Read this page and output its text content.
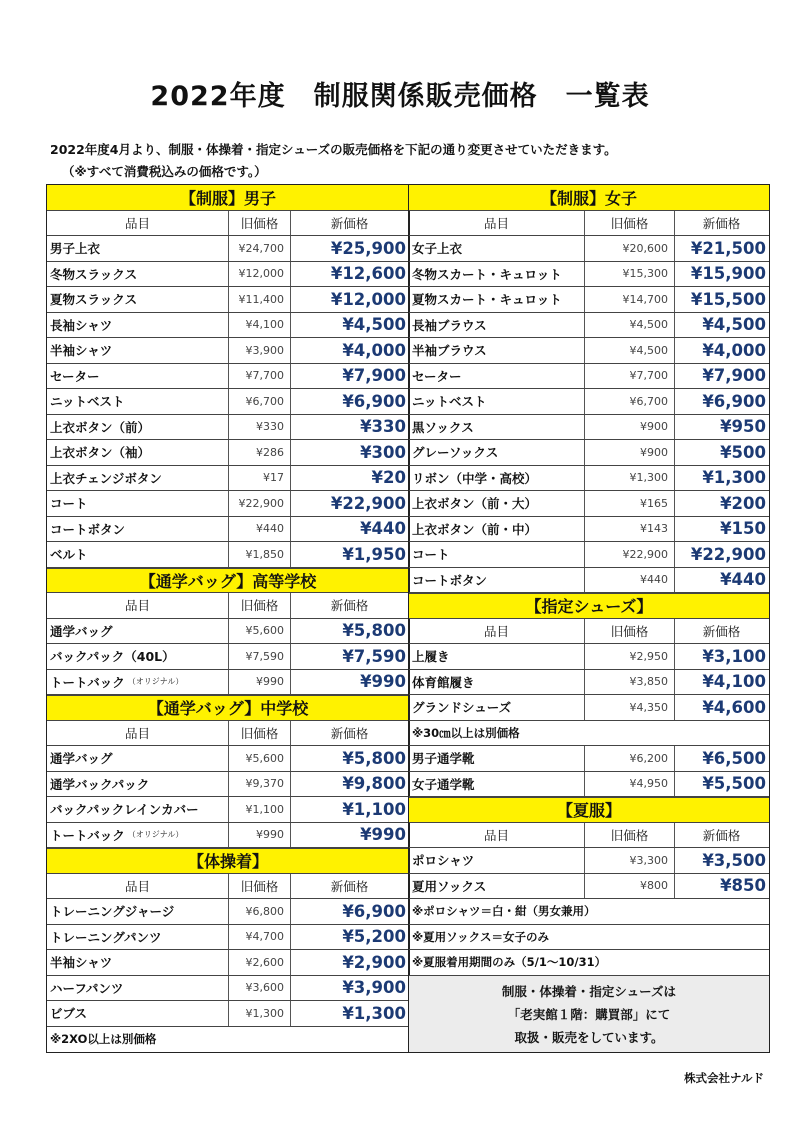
2022年度　制服関係販売価格　一覧表
2022年度4月より、制服・体操着・指定シューズの販売価格を下記の通り変更させていただきます。
（※すべて消費税込みの価格です。）
【制服】男子
品目	旧価格	新価格
男子上衣	¥24,700	¥25,900
冬物スラックス	¥12,000	¥12,600
夏物スラックス	¥11,400	¥12,000
長袖シャツ	¥4,100	¥4,500
半袖シャツ	¥3,900	¥4,000
セーター	¥7,700	¥7,900
ニットベスト	¥6,700	¥6,900
上衣ボタン（前）	¥330	¥330
上衣ボタン（袖）	¥286	¥300
上衣チェンジボタン	¥17	¥20
コート	¥22,900	¥22,900
コートボタン	¥440	¥440
ベルト	¥1,850	¥1,950
【通学バッグ】高等学校
品目	旧価格	新価格
通学バッグ	¥5,600	¥5,800
バックパック（40L）	¥7,590	¥7,590
トートバック （オリジナル）	¥990	¥990
【通学バッグ】中学校
品目	旧価格	新価格
通学バッグ	¥5,600	¥5,800
通学バックパック	¥9,370	¥9,800
バックパックレインカバー	¥1,100	¥1,100
トートバック （オリジナル）	¥990	¥990
【体操着】
品目	旧価格	新価格
トレーニングジャージ	¥6,800	¥6,900
トレーニングパンツ	¥4,700	¥5,200
半袖シャツ	¥2,600	¥2,900
ハーフパンツ	¥3,600	¥3,900
ビブス	¥1,300	¥1,300
※2XO以上は別価格
【制服】女子
品目	旧価格	新価格
女子上衣	¥20,600	¥21,500
冬物スカート・キュロット	¥15,300	¥15,900
夏物スカート・キュロット	¥14,700	¥15,500
長袖ブラウス	¥4,500	¥4,500
半袖ブラウス	¥4,500	¥4,000
セーター	¥7,700	¥7,900
ニットベスト	¥6,700	¥6,900
黒ソックス	¥900	¥950
グレーソックス	¥900	¥500
リボン（中学・高校）	¥1,300	¥1,300
上衣ボタン（前・大）	¥165	¥200
上衣ボタン（前・中）	¥143	¥150
コート	¥22,900	¥22,900
コートボタン	¥440	¥440
【指定シューズ】
品目	旧価格	新価格
上履き	¥2,950	¥3,100
体育館履き	¥3,850	¥4,100
グランドシューズ	¥4,350	¥4,600
※30㎝以上は別価格
男子通学靴	¥6,200	¥6,500
女子通学靴	¥4,950	¥5,500
【夏服】
品目	旧価格	新価格
ポロシャツ	¥3,300	¥3,500
夏用ソックス	¥800	¥850
※ポロシャツ＝白・紺（男女兼用）
※夏用ソックス＝女子のみ
※夏服着用期間のみ（5/1～10/31）
制服・体操着・指定シューズは
「老実館１階：購買部」にて
取扱・販売をしています。
株式会社ナルド
